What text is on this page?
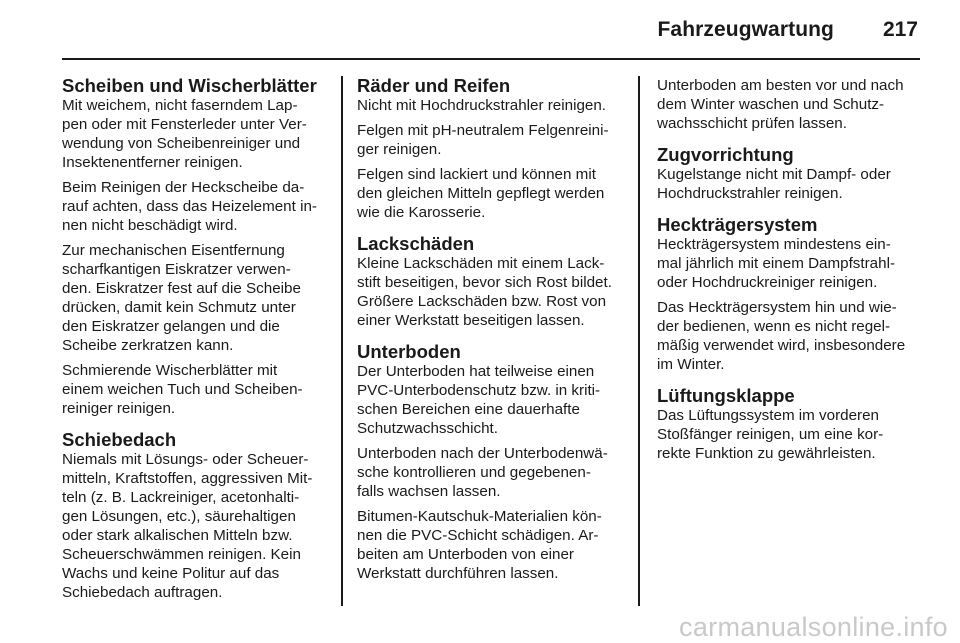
Fahrzeugwartung 217
Scheiben und Wischerblätter

Mit weichem, nicht faserndem Lap-
pen oder mit Fensterleder unter Ver-
wendung von Scheibenreiniger und
Insektenentferner reinigen.

Beim Reinigen der Heckscheibe da-
rauf achten, dass das Heizelement in-
nen nicht beschädigt wird.

Zur mechanischen Eisentfernung
scharfkantigen Eiskratzer verwen-
den. Eiskratzer fest auf die Scheibe
drücken, damit kein Schmutz unter
den Eiskratzer gelangen und die
Scheibe zerkratzen kann.

Schmierende Wischerblätter mit
einem weichen Tuch und Scheiben-
reiniger reinigen.

Schiebedach

Niemals mit Lösungs- oder Scheuer-
mitteln, Kraftstoffen, aggressiven Mit-
teln (z. B. Lackreiniger, acetonhalti-
gen Lösungen, etc.), säurehaltigen
oder stark alkalischen Mitteln bzw.
Scheuerschwämmen reinigen. Kein
Wachs und keine Politur auf das
Schiebedach auftragen.

Räder und Reifen

Nicht mit Hochdruckstrahler reinigen.

Felgen mit pH-neutralem Felgenreini-
ger reinigen.

Felgen sind lackiert und können mit
den gleichen Mitteln gepflegt werden
wie die Karosserie.

Lackschäden

Kleine Lackschäden mit einem Lack-
stift beseitigen, bevor sich Rost bildet.
Größere Lackschäden bzw. Rost von
einer Werkstatt beseitigen lassen.

Unterboden

Der Unterboden hat teilweise einen
PVC-Unterbodenschutz bzw. in kriti-
schen Bereichen eine dauerhafte
Schutzwachsschicht.

Unterboden nach der Unterbodenwä-
sche kontrollieren und gegebenen-
falls wachsen lassen.

Bitumen-Kautschuk-Materialien kön-
nen die PVC-Schicht schädigen. Ar-
beiten am Unterboden von einer
Werkstatt durchführen lassen.

Unterboden am besten vor und nach
dem Winter waschen und Schutz-
wachsschicht prüfen lassen.

Zugvorrichtung

Kugelstange nicht mit Dampf- oder
Hochdruckstrahler reinigen.

Heckträgersystem

Heckträgersystem mindestens ein-
mal jährlich mit einem Dampfstrahl-
oder Hochdruckreiniger reinigen.

Das Heckträgersystem hin und wie-
der bedienen, wenn es nicht regel-
mäßig verwendet wird, insbesondere
im Winter.

Lüftungsklappe

Das Lüftungssystem im vorderen
Stoßfänger reinigen, um eine kor-
rekte Funktion zu gewährleisten.

carmanualsonline.info
